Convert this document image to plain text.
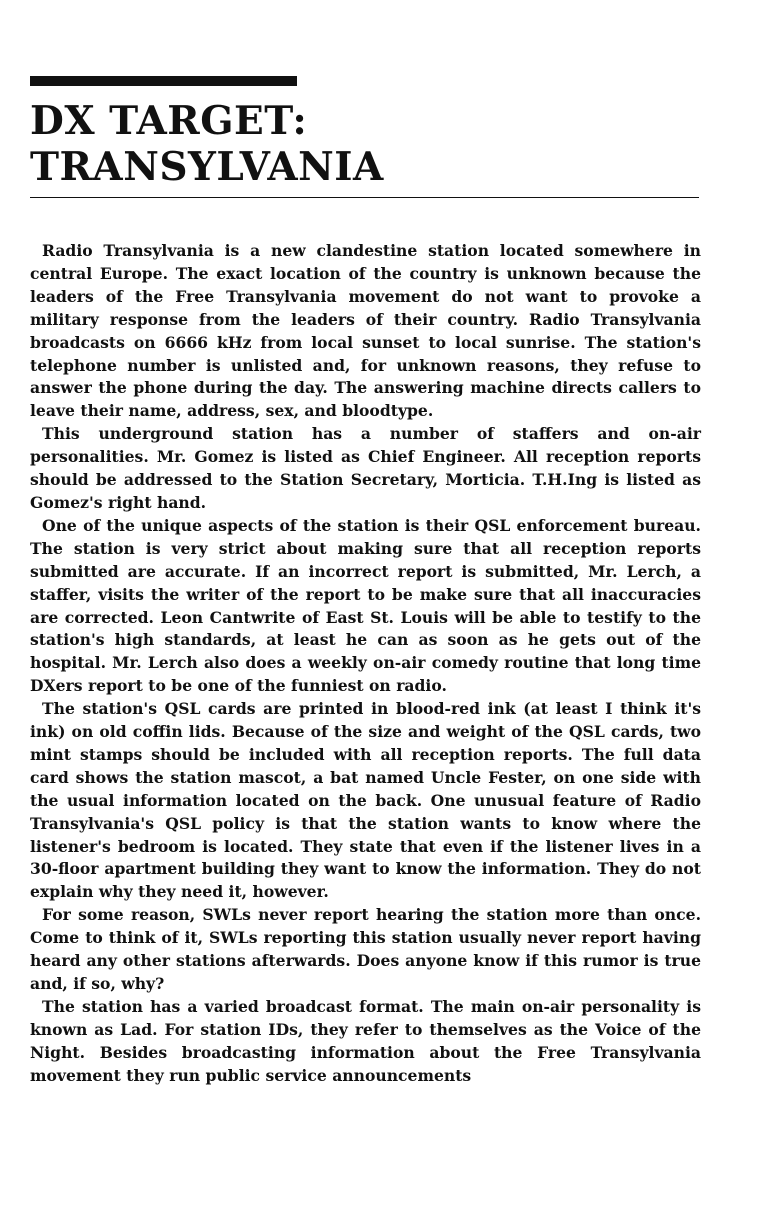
DX TARGET:
TRANSYLVANIA

Radio Transylvania is a new clandestine station located somewhere in central Europe. The exact location of the country is unknown because the leaders of the Free Transylvania movement do not want to provoke a military response from the leaders of their country. Radio Transylvania broadcasts on 6666 kHz from local sunset to local sunrise. The station's telephone number is unlisted and, for unknown reasons, they refuse to answer the phone during the day. The answering machine directs callers to leave their name, address, sex, and bloodtype.

This underground station has a number of staffers and on-air personalities. Mr. Gomez is listed as Chief Engineer. All reception reports should be addressed to the Station Secretary, Morticia. T.H.Ing is listed as Gomez's right hand.

One of the unique aspects of the station is their QSL enforcement bureau. The station is very strict about making sure that all reception reports submitted are accurate. If an incorrect report is submitted, Mr. Lerch, a staffer, visits the writer of the report to be make sure that all inaccuracies are corrected. Leon Cantwrite of East St. Louis will be able to testify to the station's high standards, at least he can as soon as he gets out of the hospital. Mr. Lerch also does a weekly on-air comedy routine that long time DXers report to be one of the funniest on radio.

The station's QSL cards are printed in blood-red ink (at least I think it's ink) on old coffin lids. Because of the size and weight of the QSL cards, two mint stamps should be included with all reception reports. The full data card shows the station mascot, a bat named Uncle Fester, on one side with the usual information located on the back. One unusual feature of Radio Transylvania's QSL policy is that the station wants to know where the listener's bedroom is located. They state that even if the listener lives in a 30-floor apartment building they want to know the information. They do not explain why they need it, however.

For some reason, SWLs never report hearing the station more than once. Come to think of it, SWLs reporting this station usually never report having heard any other stations afterwards. Does anyone know if this rumor is true and, if so, why?

The station has a varied broadcast format. The main on-air personality is known as Lad. For station IDs, they refer to themselves as the Voice of the Night. Besides broadcasting information about the Free Transylvania movement they run public service announcements
